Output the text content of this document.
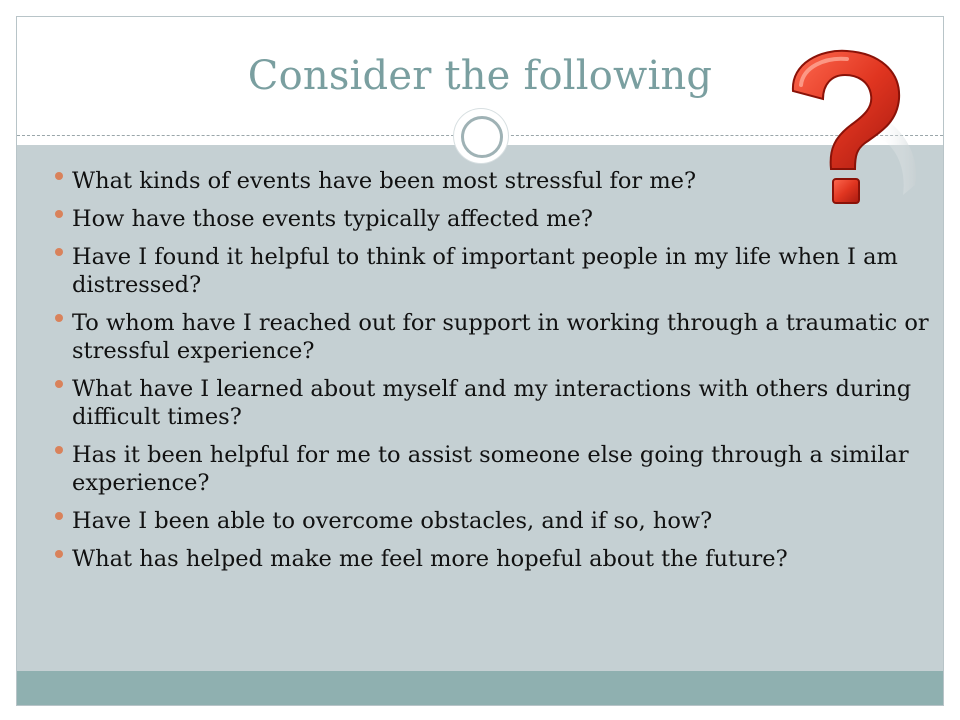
Consider the following
What kinds of events have been most stressful for me?
How have those events typically affected me?
Have I found it helpful to think of important people in my life when I am distressed?
To whom have I reached out for support in working through a traumatic or stressful experience?
What have I learned about myself and my interactions with others during difficult times?
Has it been helpful for me to assist someone else going through a similar experience?
Have I been able to overcome obstacles, and if so, how?
What has helped make me feel more hopeful about the future?
